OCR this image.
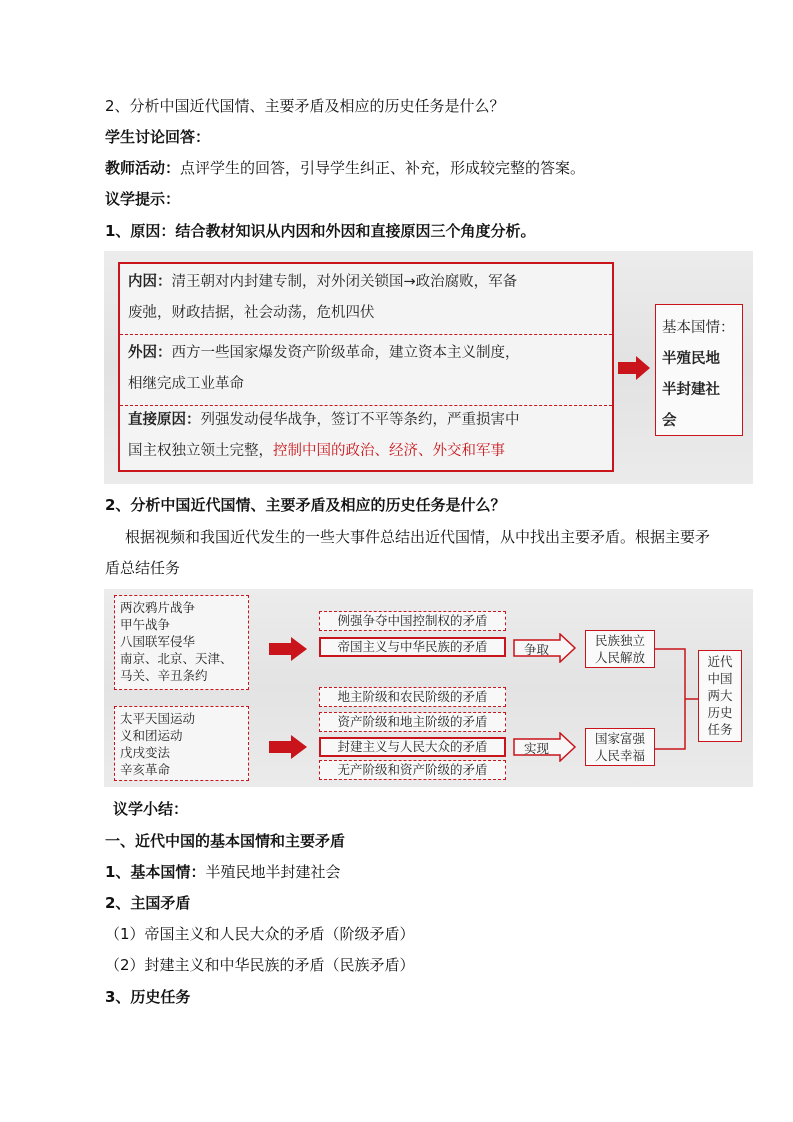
2、分析中国近代国情、主要矛盾及相应的历史任务是什么？
学生讨论回答：
教师活动：点评学生的回答，引导学生纠正、补充，形成较完整的答案。
议学提示：
1、原因：结合教材知识从内因和外因和直接原因三个角度分析。
内因：清王朝对内封建专制，对外闭关锁国→政治腐败，军备
废弛，财政拮据，社会动荡，危机四伏
外因：西方一些国家爆发资产阶级革命，建立资本主义制度，
相继完成工业革命
直接原因：列强发动侵华战争，签订不平等条约，严重损害中
国主权独立领土完整，控制中国的政治、经济、外交和军事
基本国情：
半殖民地
半封建社
会
2、分析中国近代国情、主要矛盾及相应的历史任务是什么？
根据视频和我国近代发生的一些大事件总结出近代国情，从中找出主要矛盾。根据主要矛
盾总结任务
两次鸦片战争
甲午战争
八国联军侵华
南京、北京、天津、
马关、辛丑条约
太平天国运动
义和团运动
戊戌变法
辛亥革命
例强争夺中国控制权的矛盾
帝国主义与中华民族的矛盾
地主阶级和农民阶级的矛盾
资产阶级和地主阶级的矛盾
封建主义与人民大众的矛盾
无产阶级和资产阶级的矛盾
争取
实现
民族独立
人民解放
国家富强
人民幸福
近代
中国
两大
历史
任务
议学小结：
一、近代中国的基本国情和主要矛盾
1、基本国情：半殖民地半封建社会
2、主国矛盾
（1）帝国主义和人民大众的矛盾（阶级矛盾）
（2）封建主义和中华民族的矛盾（民族矛盾）
3、历史任务
